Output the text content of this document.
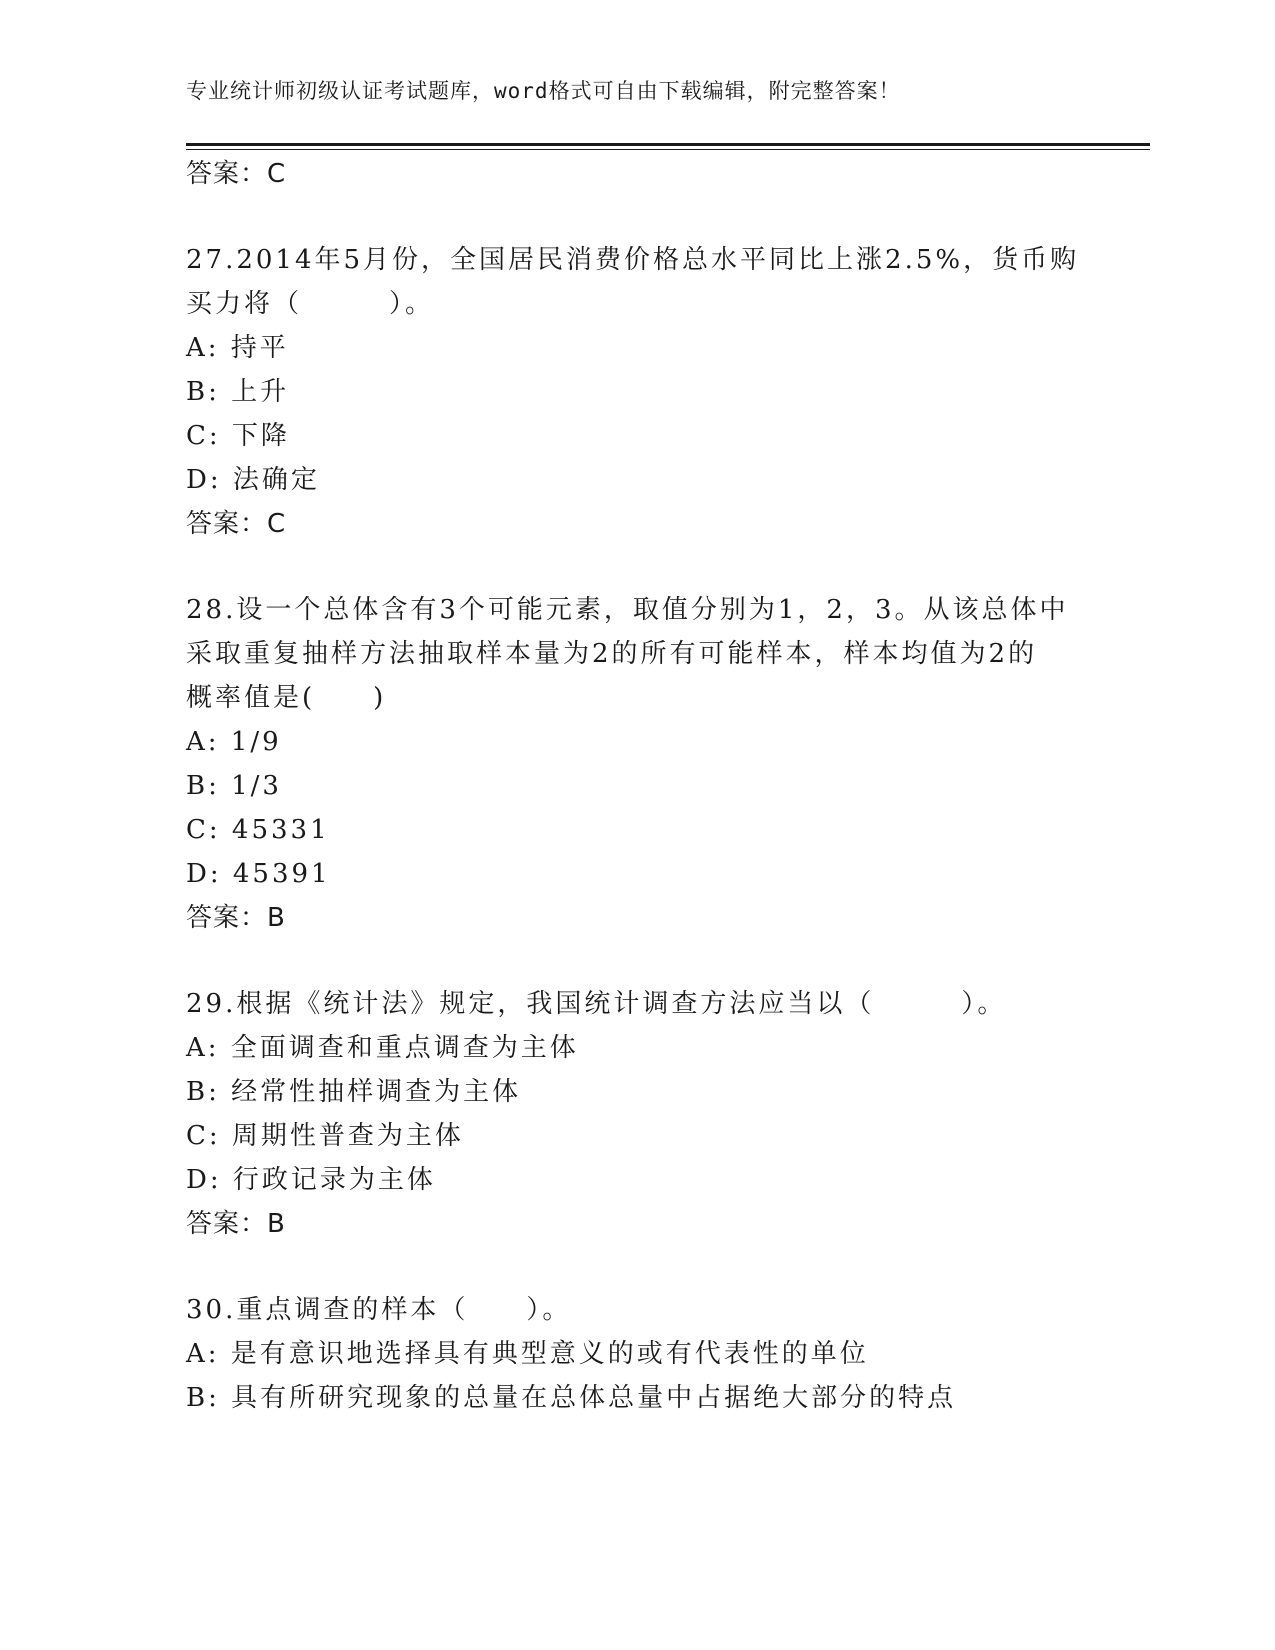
专业统计师初级认证考试题库，word格式可自由下载编辑，附完整答案！
答案：C
27.2014年5月份，全国居民消费价格总水平同比上涨2.5%，货币购
买力将（　　　）。
A: 持平
B: 上升
C: 下降
D: 法确定
答案：C
28.设一个总体含有3个可能元素，取值分别为1，2，3。从该总体中
采取重复抽样方法抽取样本量为2的所有可能样本，样本均值为2的
概率值是(　　)
A: 1/9
B: 1/3
C: 45331
D: 45391
答案：B
29.根据《统计法》规定，我国统计调查方法应当以（　　　）。
A: 全面调查和重点调查为主体
B: 经常性抽样调查为主体
C: 周期性普查为主体
D: 行政记录为主体
答案：B
30.重点调查的样本（　　）。
A: 是有意识地选择具有典型意义的或有代表性的单位
B: 具有所研究现象的总量在总体总量中占据绝大部分的特点
